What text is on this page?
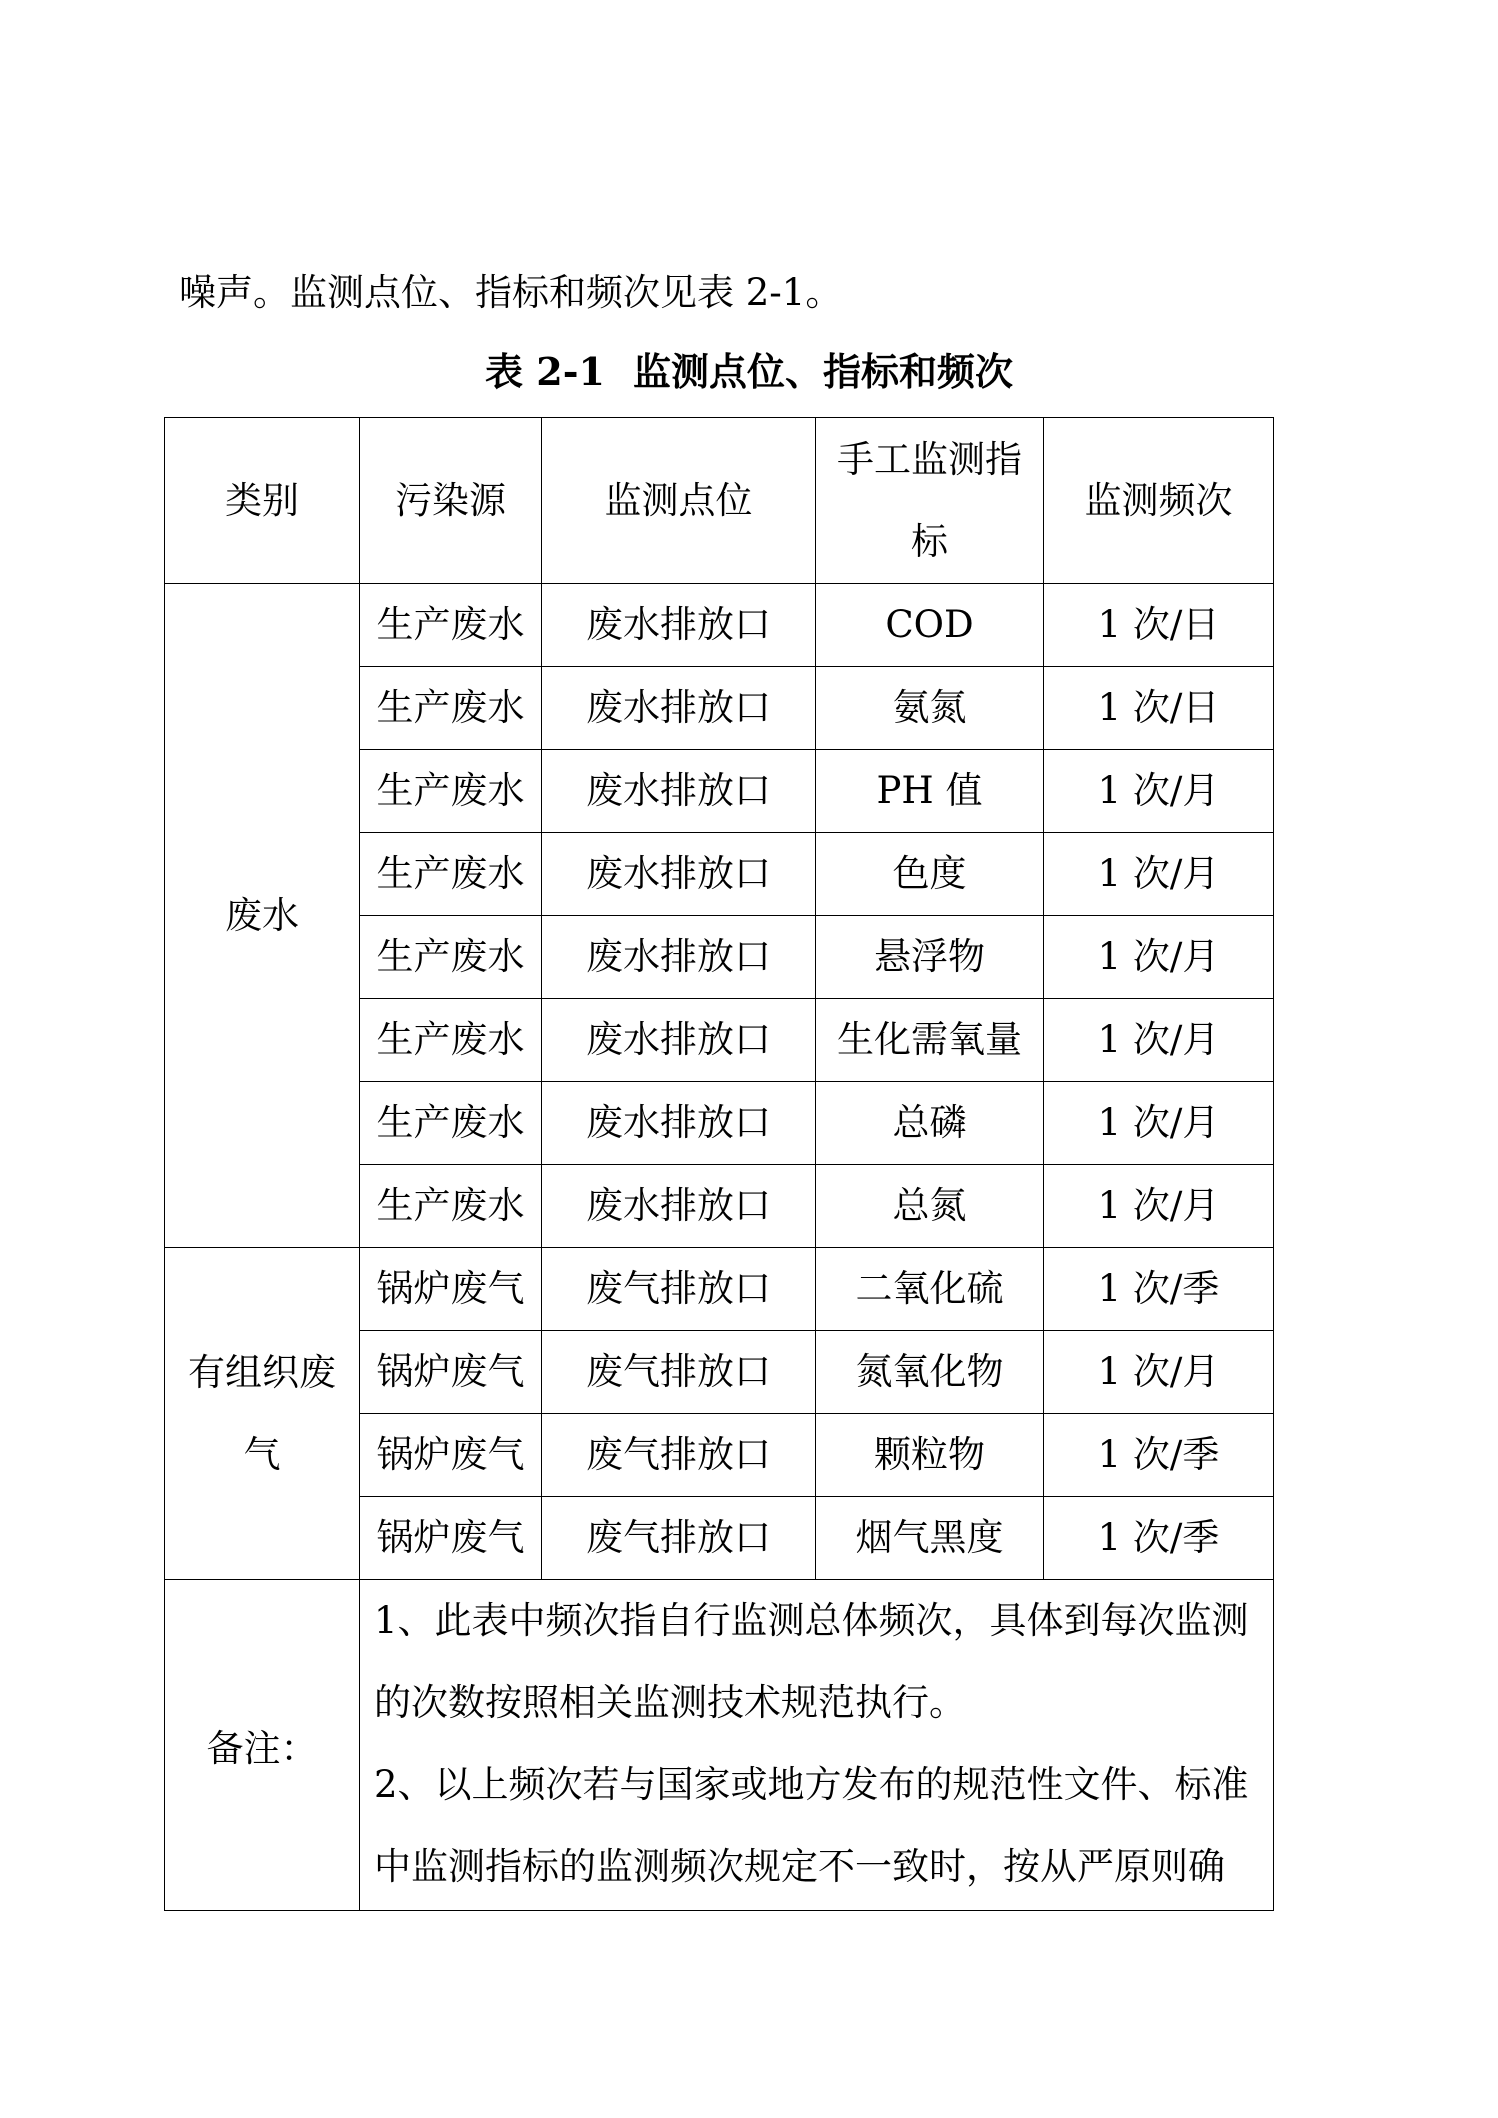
噪声。监测点位、指标和频次见表 2-1。

表 2-1 监测点位、指标和频次

类别	污染源	监测点位	手工监测指标	监测频次
废水	生产废水	废水排放口	COD	1 次/日
	生产废水	废水排放口	氨氮	1 次/日
	生产废水	废水排放口	PH 值	1 次/月
	生产废水	废水排放口	色度	1 次/月
	生产废水	废水排放口	悬浮物	1 次/月
	生产废水	废水排放口	生化需氧量	1 次/月
	生产废水	废水排放口	总磷	1 次/月
	生产废水	废水排放口	总氮	1 次/月
有组织废气	锅炉废气	废气排放口	二氧化硫	1 次/季
	锅炉废气	废气排放口	氮氧化物	1 次/月
	锅炉废气	废气排放口	颗粒物	1 次/季
	锅炉废气	废气排放口	烟气黑度	1 次/季
备注：	1、此表中频次指自行监测总体频次，具体到每次监测的次数按照相关监测技术规范执行。
2、以上频次若与国家或地方发布的规范性文件、标准中监测指标的监测频次规定不一致时，按从严原则确			
